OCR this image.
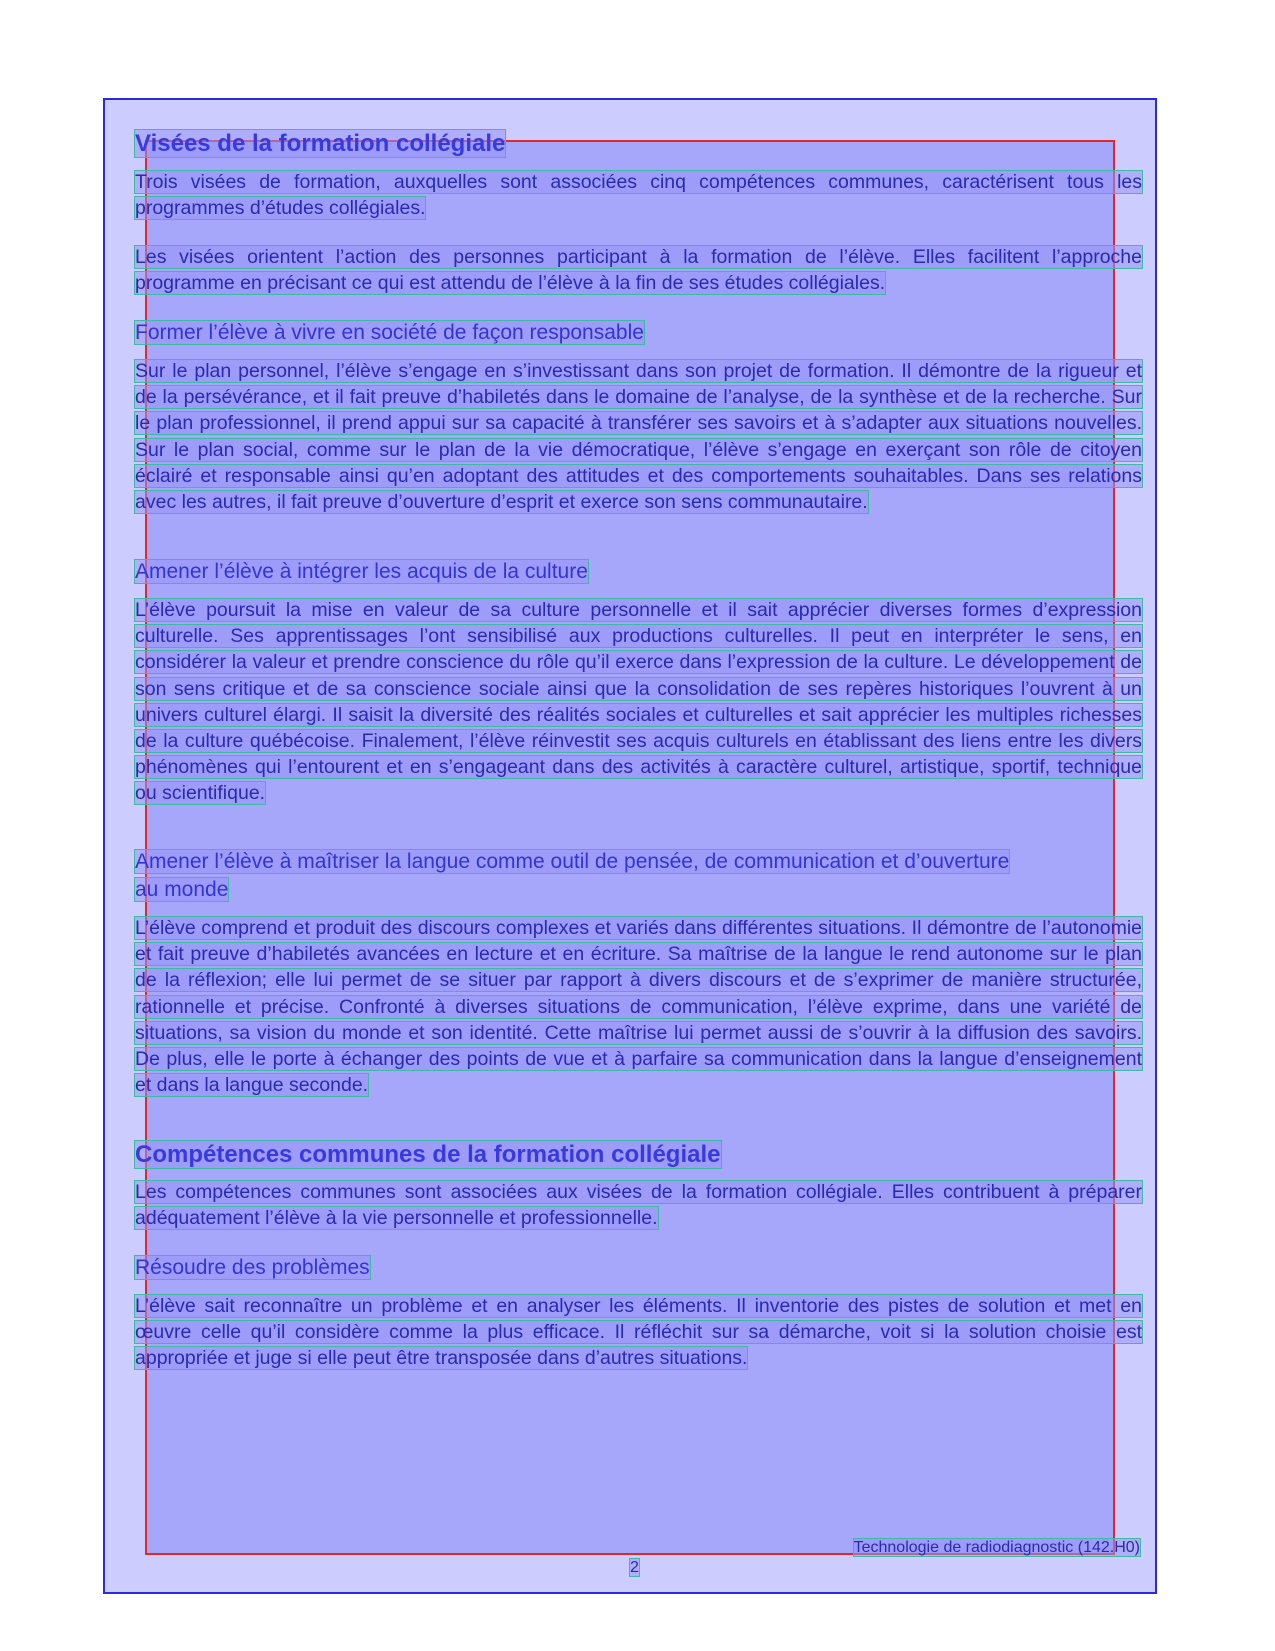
Visées de la formation collégiale

Trois visées de formation, auxquelles sont associées cinq compétences communes, caractérisent tous les programmes d’études collégiales.

Les visées orientent l’action des personnes participant à la formation de l’élève. Elles facilitent l’approche programme en précisant ce qui est attendu de l’élève à la fin de ses études collégiales.

Former l’élève à vivre en société de façon responsable

Sur le plan personnel, l’élève s’engage en s’investissant dans son projet de formation. Il démontre de la rigueur et de la persévérance, et il fait preuve d’habiletés dans le domaine de l’analyse, de la synthèse et de la recherche. Sur le plan professionnel, il prend appui sur sa capacité à transférer ses savoirs et à s’adapter aux situations nouvelles. Sur le plan social, comme sur le plan de la vie démocratique, l’élève s’engage en exerçant son rôle de citoyen éclairé et responsable ainsi qu’en adoptant des attitudes et des comportements souhaitables. Dans ses relations avec les autres, il fait preuve d’ouverture d’esprit et exerce son sens communautaire.

Amener l’élève à intégrer les acquis de la culture

L’élève poursuit la mise en valeur de sa culture personnelle et il sait apprécier diverses formes d’expression culturelle. Ses apprentissages l’ont sensibilisé aux productions culturelles. Il peut en interpréter le sens, en considérer la valeur et prendre conscience du rôle qu’il exerce dans l’expression de la culture. Le développement de son sens critique et de sa conscience sociale ainsi que la consolidation de ses repères historiques l’ouvrent à un univers culturel élargi. Il saisit la diversité des réalités sociales et culturelles et sait apprécier les multiples richesses de la culture québécoise. Finalement, l’élève réinvestit ses acquis culturels en établissant des liens entre les divers phénomènes qui l’entourent et en s’engageant dans des activités à caractère culturel, artistique, sportif, technique ou scientifique.

Amener l’élève à maîtriser la langue comme outil de pensée, de communication et d’ouverture au monde

L’élève comprend et produit des discours complexes et variés dans différentes situations. Il démontre de l’autonomie et fait preuve d’habiletés avancées en lecture et en écriture. Sa maîtrise de la langue le rend autonome sur le plan de la réflexion; elle lui permet de se situer par rapport à divers discours et de s’exprimer de manière structurée, rationnelle et précise. Confronté à diverses situations de communication, l’élève exprime, dans une variété de situations, sa vision du monde et son identité. Cette maîtrise lui permet aussi de s’ouvrir à la diffusion des savoirs. De plus, elle le porte à échanger des points de vue et à parfaire sa communication dans la langue d’enseignement et dans la langue seconde.

Compétences communes de la formation collégiale

Les compétences communes sont associées aux visées de la formation collégiale. Elles contribuent à préparer adéquatement l’élève à la vie personnelle et professionnelle.

Résoudre des problèmes

L’élève sait reconnaître un problème et en analyser les éléments. Il inventorie des pistes de solution et met en œuvre celle qu’il considère comme la plus efficace. Il réfléchit sur sa démarche, voit si la solution choisie est appropriée et juge si elle peut être transposée dans d’autres situations.

Technologie de radiodiagnostic (142.H0)
2
